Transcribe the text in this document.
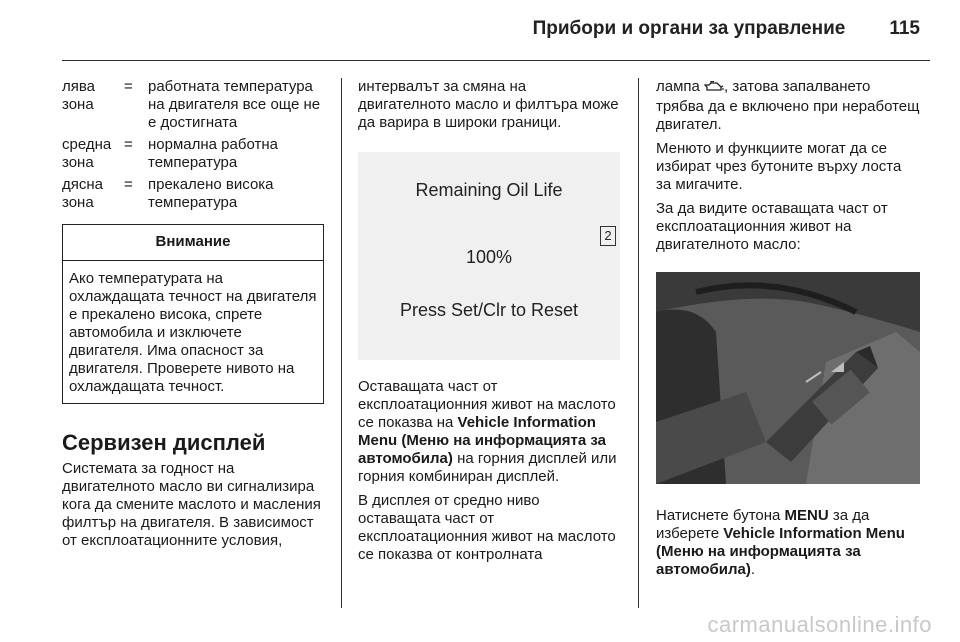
Прибори и органи за управление 115
лява зона
=	работната температура на двигателя все още не е достигната
средна зона
=	нормална работна температура
дясна зона
=	прекалено висока температура
Внимание
Ако температурата на охлаждащата течност на двигателя е прекалено висока, спрете автомобила и изключете двигателя. Има опасност за двигателя. Проверете нивото на охлаждащата течност.
Сервизен дисплей

Системата за годност на двигателното масло ви сигнализира кога да смените маслото и масления филтър на двигателя. В зависимост от експлоатационните условия,

интервалът за смяна на двигателното масло и филтъра може да варира в широки граници.

Remaining Oil Life
2
100%
Press Set/Clr to Reset

Оставащата част от експлоатационния живот на маслото се показва на Vehicle Information Menu (Меню на информацията за автомобила) на горния дисплей или горния комбиниран дисплей.

В дисплея от средно ниво оставащата част от експлоатационния живот на маслото се показва от контролната

лампа , затова запалването трябва да е включено при неработещ двигател.

Менюто и функциите могат да се избират чрез бутоните върху лоста за мигачите.

За да видите оставащата част от експлоатационния живот на двигателното масло:

Натиснете бутона MENU за да изберете Vehicle Information Menu (Меню на информацията за автомобила).

carmanualsonline.info
